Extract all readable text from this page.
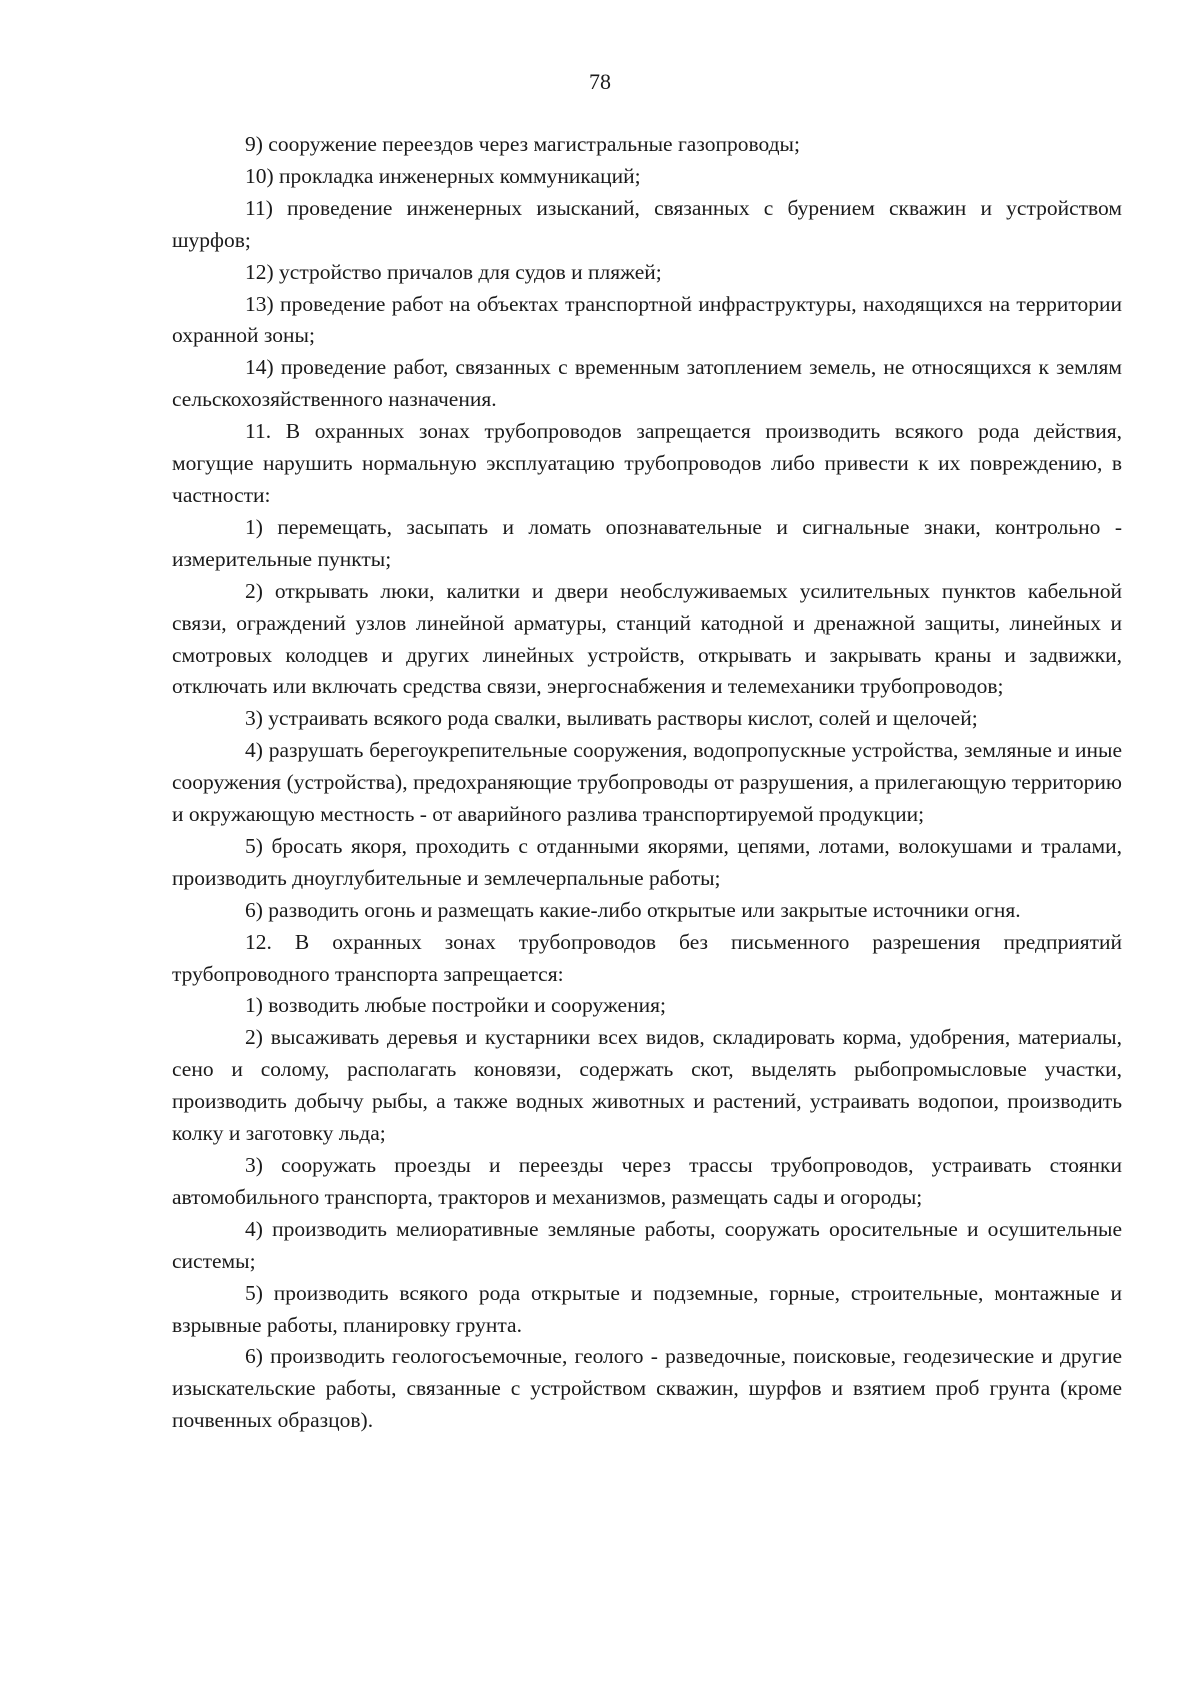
78

9) сооружение переездов через магистральные газопроводы;

10) прокладка инженерных коммуникаций;

11) проведение инженерных изысканий, связанных с бурением скважин и устройством шурфов;

12) устройство причалов для судов и пляжей;

13) проведение работ на объектах транспортной инфраструктуры, находящихся на территории охранной зоны;

14) проведение работ, связанных с временным затоплением земель, не относящихся к землям сельскохозяйственного назначения.

11. В охранных зонах трубопроводов запрещается производить всякого рода действия, могущие нарушить нормальную эксплуатацию трубопроводов либо привести к их повреждению, в частности:

1) перемещать, засыпать и ломать опознавательные и сигнальные знаки, контрольно - измерительные пункты;

2) открывать люки, калитки и двери необслуживаемых усилительных пунктов кабельной связи, ограждений узлов линейной арматуры, станций катодной и дренажной защиты, линейных и смотровых колодцев и других линейных устройств, открывать и закрывать краны и задвижки, отключать или включать средства связи, энергоснабжения и телемеханики трубопроводов;

3) устраивать всякого рода свалки, выливать растворы кислот, солей и щелочей;

4) разрушать берегоукрепительные сооружения, водопропускные устройства, земляные и иные сооружения (устройства), предохраняющие трубопроводы от разрушения, а прилегающую территорию и окружающую местность - от аварийного разлива транспортируемой продукции;

5) бросать якоря, проходить с отданными якорями, цепями, лотами, волокушами и тралами, производить дноуглубительные и землечерпальные работы;

6) разводить огонь и размещать какие-либо открытые или закрытые источники огня.

12. В охранных зонах трубопроводов без письменного разрешения предприятий трубопроводного транспорта запрещается:

1) возводить любые постройки и сооружения;

2) высаживать деревья и кустарники всех видов, складировать корма, удобрения, материалы, сено и солому, располагать коновязи, содержать скот, выделять рыбопромысловые участки, производить добычу рыбы, а также водных животных и растений, устраивать водопои, производить колку и заготовку льда;

3) сооружать проезды и переезды через трассы трубопроводов, устраивать стоянки автомобильного транспорта, тракторов и механизмов, размещать сады и огороды;

4) производить мелиоративные земляные работы, сооружать оросительные и осушительные системы;

5) производить всякого рода открытые и подземные, горные, строительные, монтажные и взрывные работы, планировку грунта.

6) производить геологосъемочные, геолого - разведочные, поисковые, геодезические и другие изыскательские работы, связанные с устройством скважин, шурфов и взятием проб грунта (кроме почвенных образцов).
